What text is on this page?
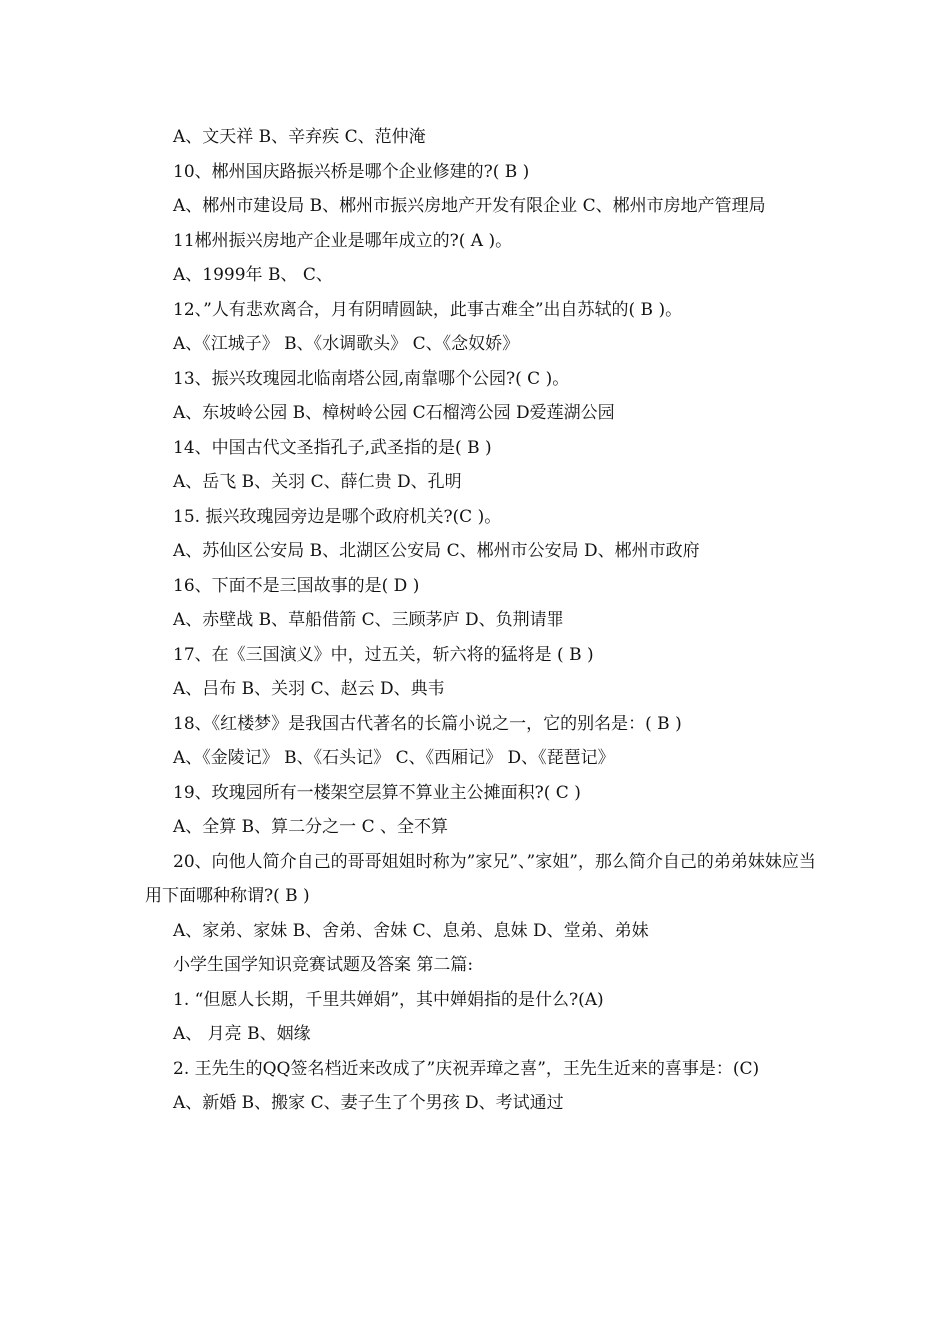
A、文天祥 B、辛弃疾 C、范仲淹
10、郴州国庆路振兴桥是哪个企业修建的?( B )
A、郴州市建设局 B、郴州市振兴房地产开发有限企业 C、郴州市房地产管理局
11郴州振兴房地产企业是哪年成立的?( A )。
A、1999年 B、 C、
12、”人有悲欢离合，月有阴晴圆缺，此事古难全”出自苏轼的( B )。
A、《江城子》 B、《水调歌头》 C、《念奴娇》
13、振兴玫瑰园北临南塔公园,南靠哪个公园?( C )。
A、东坡岭公园 B、樟树岭公园 C石榴湾公园 D爱莲湖公园
14、中国古代文圣指孔子,武圣指的是( B )
A、岳飞 B、关羽 C、薛仁贵 D、孔明
15. 振兴玫瑰园旁边是哪个政府机关?(C )。
A、苏仙区公安局 B、北湖区公安局 C、郴州市公安局 D、郴州市政府
16、下面不是三国故事的是( D )
A、赤壁战 B、草船借箭 C、三顾茅庐 D、负荆请罪
17、在《三国演义》中，过五关，斩六将的猛将是 ( B )
A、吕布 B、关羽 C、赵云 D、典韦
18、《红楼梦》是我国古代著名的长篇小说之一，它的别名是：( B )
A、《金陵记》 B、《石头记》 C、《西厢记》 D、《琵琶记》
19、玫瑰园所有一楼架空层算不算业主公摊面积?( C )
A、全算 B、算二分之一 C 、全不算
20、向他人简介自己的哥哥姐姐时称为”家兄”、”家姐”，那么简介自己的弟弟妹妹应当用下面哪种称谓?( B )
A、家弟、家妹 B、舍弟、舍妹 C、息弟、息妹 D、堂弟、弟妹
小学生国学知识竞赛试题及答案 第二篇:
1. “但愿人长期，千里共婵娟”，其中婵娟指的是什么?(A)
A、 月亮 B、姻缘
2. 王先生的QQ签名档近来改成了”庆祝弄璋之喜”，王先生近来的喜事是：(C)
A、新婚 B、搬家 C、妻子生了个男孩 D、考试通过
